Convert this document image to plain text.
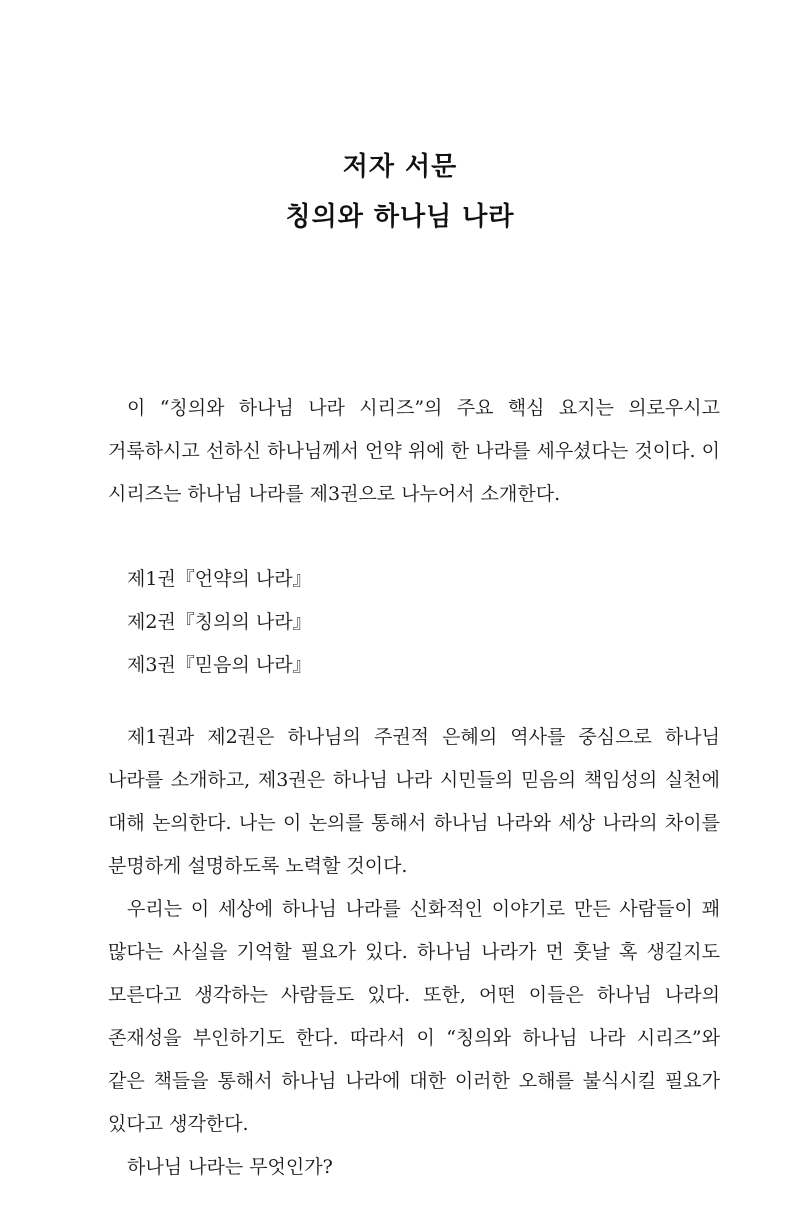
저자 서문
칭의와 하나님 나라

이 “칭의와 하나님 나라 시리즈”의 주요 핵심 요지는 의로우시고 거룩하시고 선하신 하나님께서 언약 위에 한 나라를 세우셨다는 것이다. 이 시리즈는 하나님 나라를 제3권으로 나누어서 소개한다.

제1권『언약의 나라』

제2권『칭의의 나라』

제3권『믿음의 나라』

제1권과 제2권은 하나님의 주권적 은혜의 역사를 중심으로 하나님 나라를 소개하고, 제3권은 하나님 나라 시민들의 믿음의 책임성의 실천에 대해 논의한다. 나는 이 논의를 통해서 하나님 나라와 세상 나라의 차이를 분명하게 설명하도록 노력할 것이다.

우리는 이 세상에 하나님 나라를 신화적인 이야기로 만든 사람들이 꽤 많다는 사실을 기억할 필요가 있다. 하나님 나라가 먼 훗날 혹 생길지도 모른다고 생각하는 사람들도 있다. 또한, 어떤 이들은 하나님 나라의 존재성을 부인하기도 한다. 따라서 이 “칭의와 하나님 나라 시리즈”와 같은 책들을 통해서 하나님 나라에 대한 이러한 오해를 불식시킬 필요가 있다고 생각한다.

하나님 나라는 무엇인가?
